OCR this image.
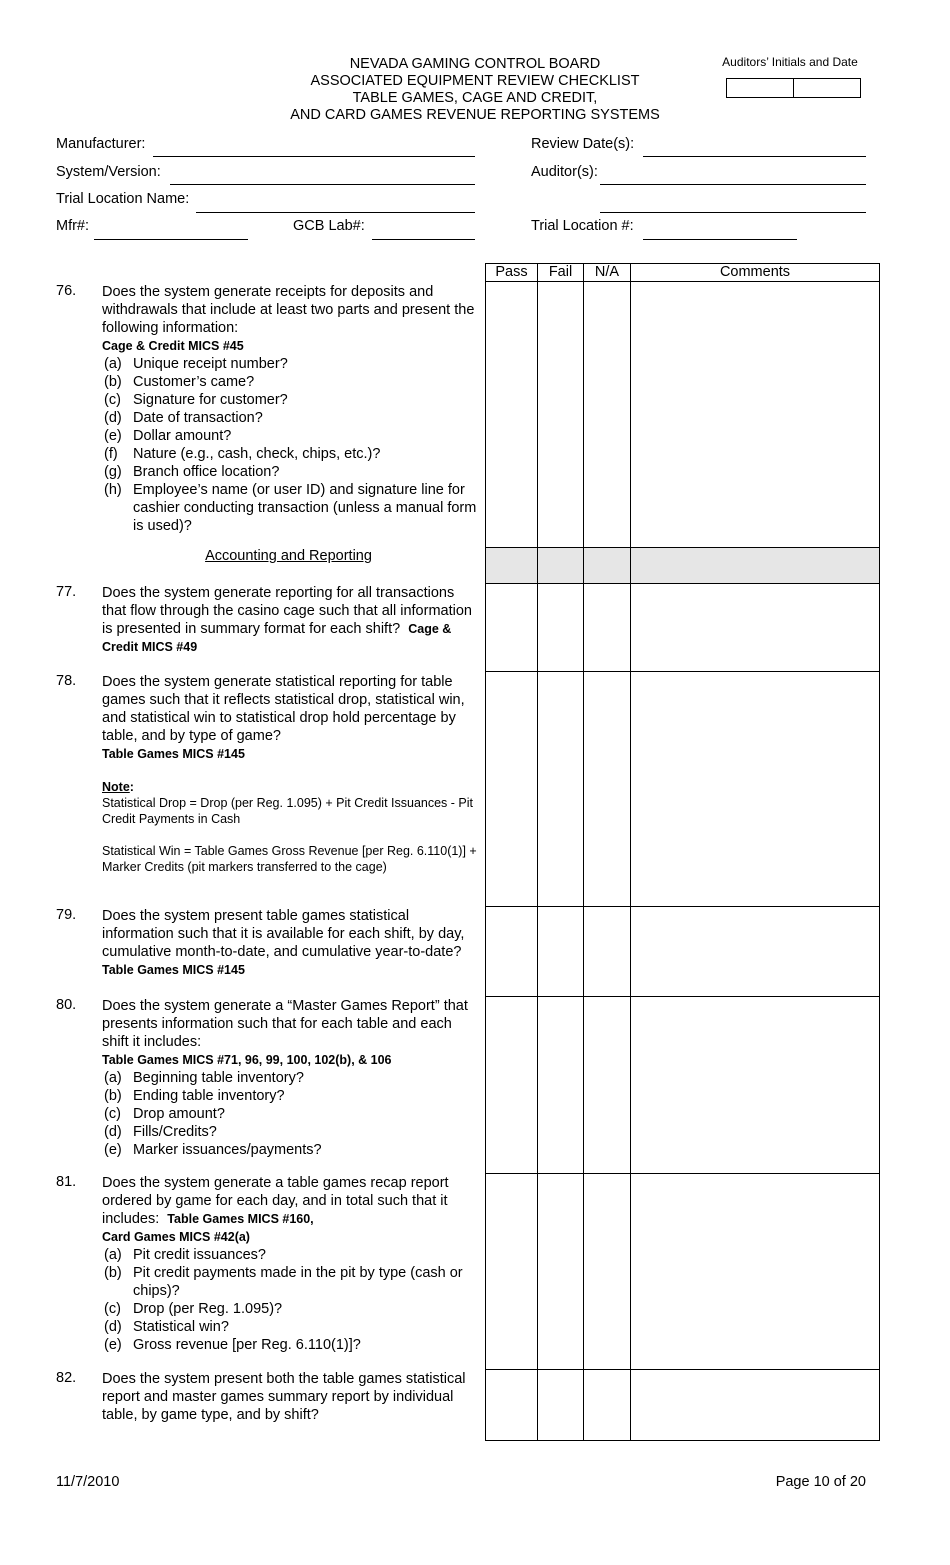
NEVADA GAMING CONTROL BOARD
ASSOCIATED EQUIPMENT REVIEW CHECKLIST
TABLE GAMES, CAGE AND CREDIT,
AND CARD GAMES REVENUE REPORTING SYSTEMS
Auditors’ Initials and Date
Manufacturer:	Review Date(s):
System/Version:	Auditor(s):
Trial Location Name:
Mfr#:	GCB Lab#:	Trial Location #:
Pass	Fail	N/A	Comments
76. Does the system generate receipts for deposits and withdrawals that include at least two parts and present the following information:
Cage & Credit MICS #45
(a) Unique receipt number?
(b) Customer’s came?
(c) Signature for customer?
(d) Date of transaction?
(e) Dollar amount?
(f) Nature (e.g., cash, check, chips, etc.)?
(g) Branch office location?
(h) Employee’s name (or user ID) and signature line for cashier conducting transaction (unless a manual form is used)?
Accounting and Reporting
77. Does the system generate reporting for all transactions that flow through the casino cage such that all information is presented in summary format for each shift? Cage & Credit MICS #49
78. Does the system generate statistical reporting for table games such that it reflects statistical drop, statistical win, and statistical win to statistical drop hold percentage by table, and by type of game?
Table Games MICS #145
Note:
Statistical Drop = Drop (per Reg. 1.095) + Pit Credit Issuances - Pit Credit Payments in Cash
Statistical Win = Table Games Gross Revenue [per Reg. 6.110(1)] + Marker Credits (pit markers transferred to the cage)
79. Does the system present table games statistical information such that it is available for each shift, by day, cumulative month-to-date, and cumulative year-to-date?  Table Games MICS #145
80. Does the system generate a “Master Games Report” that presents information such that for each table and each shift it includes:
Table Games MICS #71, 96, 99, 100, 102(b), & 106
(a) Beginning table inventory?
(b) Ending table inventory?
(c) Drop amount?
(d) Fills/Credits?
(e) Marker issuances/payments?
81. Does the system generate a table games recap report ordered by game for each day, and in total such that it includes: Table Games MICS #160,
Card Games MICS #42(a)
(a) Pit credit issuances?
(b) Pit credit payments made in the pit by type (cash or chips)?
(c) Drop (per Reg. 1.095)?
(d) Statistical win?
(e) Gross revenue [per Reg. 6.110(1)]?
82. Does the system present both the table games statistical report and master games summary report by individual table, by game type, and by shift?
11/7/2010	Page 10 of 20
